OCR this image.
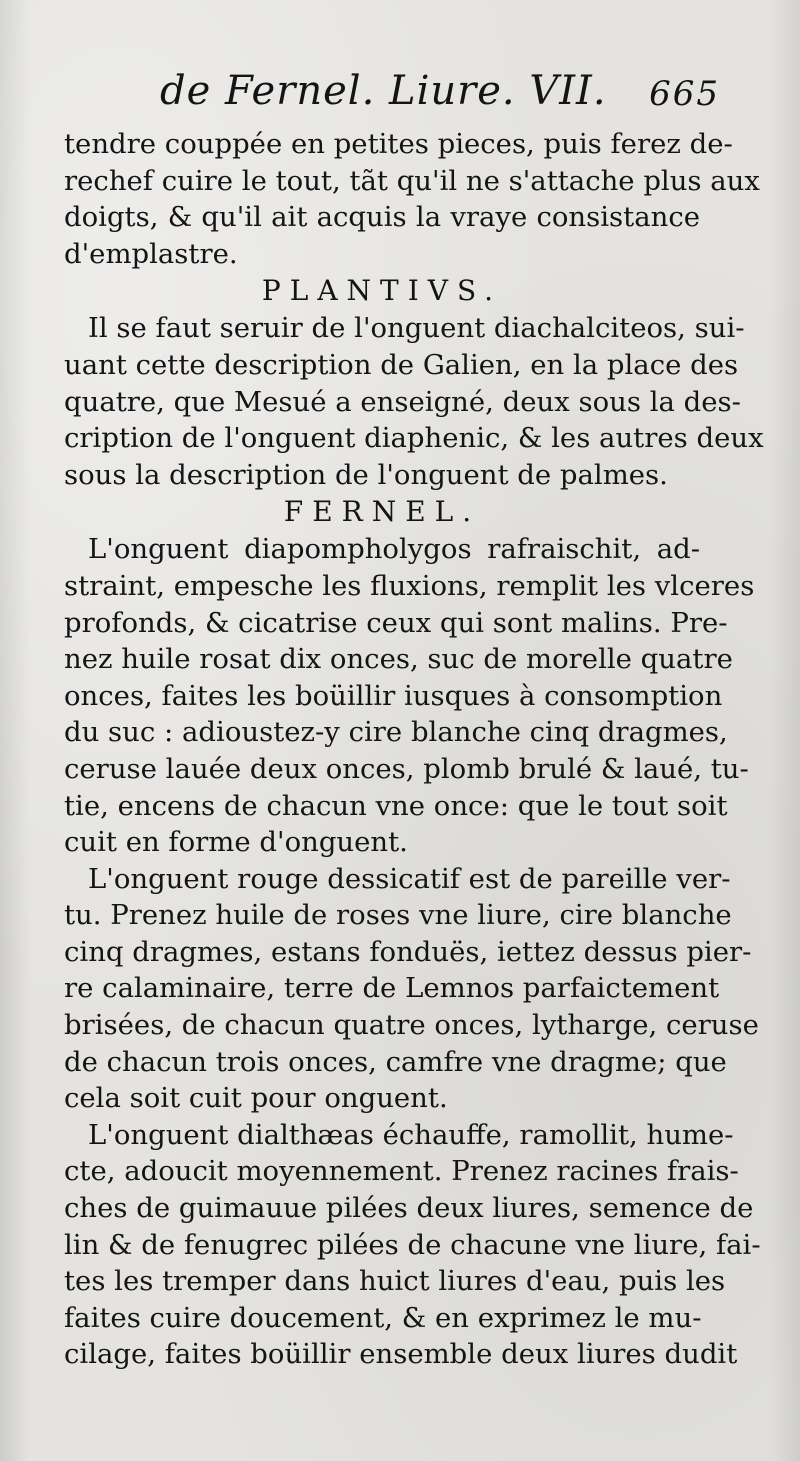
de Fernel. Liure. VII. 665
tendre couppée en petites pieces, puis ferez de-
rechef cuire le tout, tãt qu'il ne s'attache plus aux
doigts, & qu'il ait acquis la vraye consistance
d'emplastre.
PLANTIVS.
Il se faut seruir de l'onguent diachalciteos, sui-
uant cette description de Galien, en la place des
quatre, que Mesué a enseigné, deux sous la des-
cription de l'onguent diaphenic, & les autres deux
sous la description de l'onguent de palmes.
FERNEL.
L'onguent diapompholygos rafraischit, ad-
straint, empesche les fluxions, remplit les vlceres
profonds, & cicatrise ceux qui sont malins. Pre-
nez huile rosat dix onces, suc de morelle quatre
onces, faites les boüillir iusques à consomption
du suc : adioustez-y cire blanche cinq dragmes,
ceruse lauée deux onces, plomb brulé & laué, tu-
tie, encens de chacun vne once: que le tout soit
cuit en forme d'onguent.
L'onguent rouge dessicatif est de pareille ver-
tu. Prenez huile de roses vne liure, cire blanche
cinq dragmes, estans fonduës, iettez dessus pier-
re calaminaire, terre de Lemnos parfaictement
brisées, de chacun quatre onces, lytharge, ceruse
de chacun trois onces, camfre vne dragme; que
cela soit cuit pour onguent.
L'onguent dialthæas échauffe, ramollit, hume-
cte, adoucit moyennement. Prenez racines frais-
ches de guimauue pilées deux liures, semence de
lin & de fenugrec pilées de chacune vne liure, fai-
tes les tremper dans huict liures d'eau, puis les
faites cuire doucement, & en exprimez le mu-
cilage, faites boüillir ensemble deux liures dudit
